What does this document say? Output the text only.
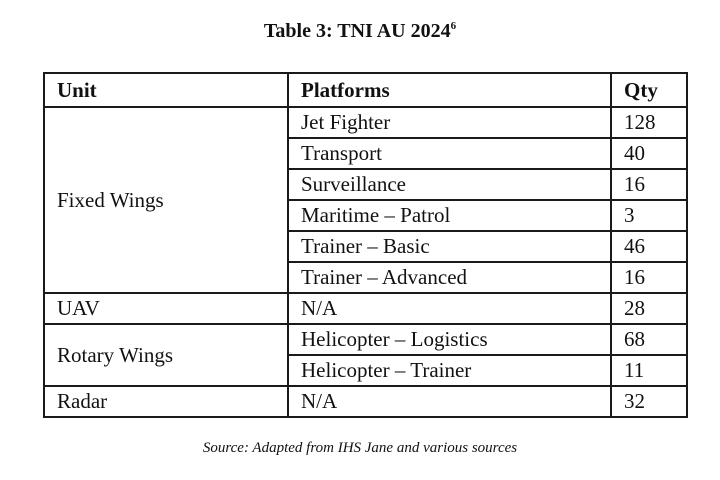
Table 3: TNI AU 2024$^6$
Unit	Platforms	Qty
Fixed Wings	Jet Fighter	128
	Transport	40
	Surveillance	16
	Maritime – Patrol	3
	Trainer – Basic	46
	Trainer – Advanced	16
UAV	N/A	28
Rotary Wings	Helicopter – Logistics	68
	Helicopter – Trainer	11
Radar	N/A	32
Source: Adapted from IHS Jane and various sources
